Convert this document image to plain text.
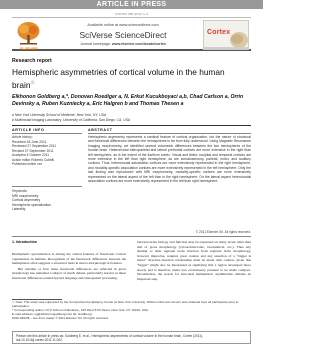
ARTICLE IN PRESS
CORTEX 688 (2011) 1–5
ELSEVIER
Available online at www.sciencedirect.com
SciVerse ScienceDirect
Journal homepage: www.elsevier.com/locate/cortex
Cortex
Research report
Hemispheric asymmetries of cortical volume in the human brain☆
Elkhonon Goldberg a,*, Donovan Roediger a, N. Erkut Kucukboyaci a,b, Chad Carlson a, Orrin Devinsky a, Ruben Kuzniecky a, Eric Halgren b and Thomas Thesen a
a New York University School of Medicine, New York, NY, USA
b Multimodal Imaging Laboratory, University of California, San Diego, CA, USA
ARTICLE INFO	ABSTRACT
Article history:
Received 18 June 2011
Reviewed 27 September 2011
Revised 27 September 2011
Accepted 4 October 2011
Action editor Roberto Cubelli
Published online xxx
Keywords:
MRI morphometry
Cortical asymmetry
Hemispheric specialization
Laterality
Hemispheric asymmetry represents a cardinal feature of cortical organization, but the nature of structural and functional differences between the hemispheres is far from fully understood. Using Magnetic Resonance Imaging morphometry, we identified several volumetric differences between the two hemispheres of the human brain. Heteromodal inferoparietal and lateral prefrontal cortices are more extensive in the right than left hemisphere, as is the extent of the fusiform cortex. Visual and limbic occipital and temporal cortices are more extensive in the left than right hemisphere, as are somatosensory, parietal, motor, and auditory cortices. Thus, heteromodal association cortices are more extensively represented in the right hemisphere, and modality-specific association cortices are more extensively represented in the left hemisphere. Only the last finding was reproduced with MRI morphometry, modality-specific cortices are more extensively represented on the lateral aspect of the left than in the right hemisphere. On the lateral aspect heteromodal association cortices are more extensively represented in the left than right hemisphere.
© 2011 Elsevier Srl. All rights reserved.
1. Introduction

Hemispheric specialization is among the central features of functional cortical organization in humans. Recognition of the functional differences between the hemispheres often suggests a structural basis in macro-morphological features.

But whether or how these functional differences are reflected in gross morphology has remained a subject of much debate, particularly insofar as these functional differences extend beyond language and visuospatial processing.

between brain biology and function may be expressed on many levels other than that of gross morphology (cytoarchitectonic, biochemical, etc.). Thus any attempt to infer regional brain function from regional brain morphology, however imprecise, requires great caution and any assertion of a “bigger is better” structure–function relationship must be made with caution, given that “bigger” might also be interpreted as signifying that a region developed more slowly and is therefore under less evolutionary pressure to be made compact. Nevertheless, the search for structural hemispheric asymmetries remains an important step.
☆ Note: This study was supported by the Comprehensive Epilepsy Center at New York University. Written informed consent was obtained from all participants prior to participation.
* Corresponding author. NYU School of Medicine, 315 West 57th Street, New York, NY 10019, USA.
E-mail address: eg@elkhonongoldberg.com (E. Goldberg).
0010-9452/$ – see front matter © 2011 Elsevier Srl. All rights reserved.
Please cite this article in press as: Goldberg E, et al., Hemispheric asymmetries of cortical volume in the human brain, Cortex (2011), doi:10.1016/j.cortex.2011.11.002
